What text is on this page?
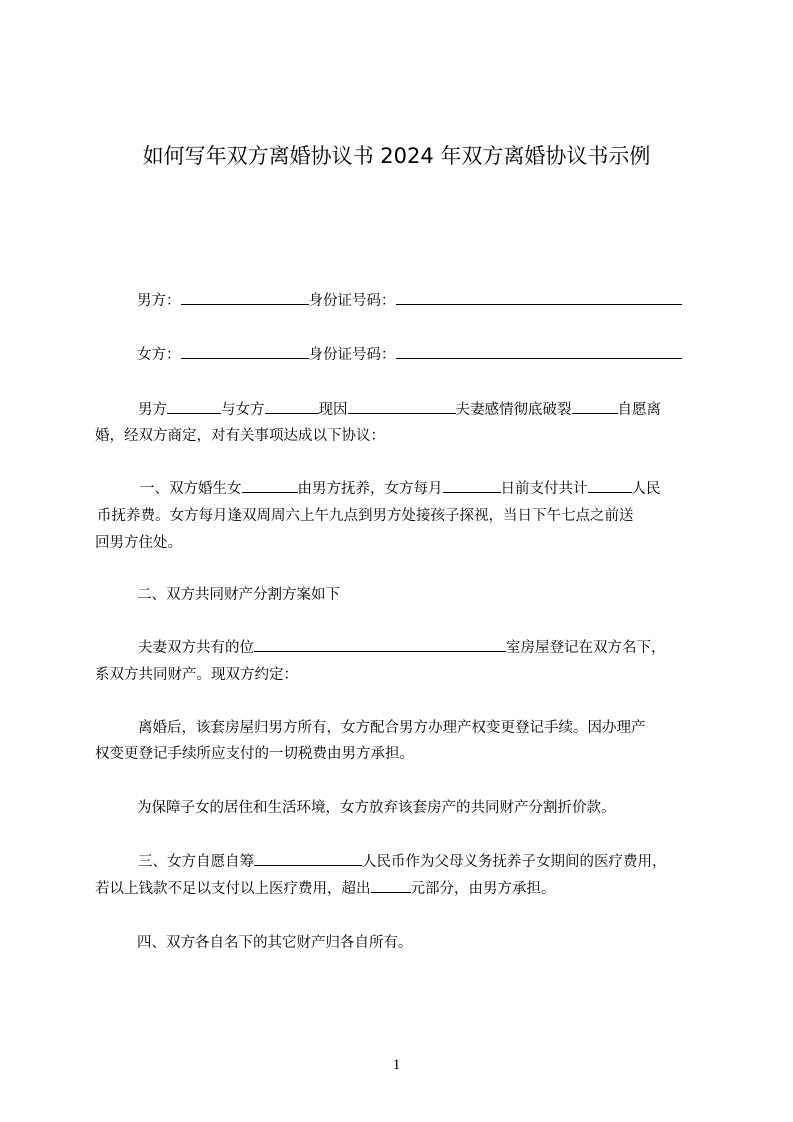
如何写年双方离婚协议书 2024 年双方离婚协议书示例
男方：	身份证号码：
女方：	身份证号码：
男方	与女方	现因	夫妻感情彻底破裂	自愿离
婚，经双方商定，对有关事项达成以下协议：
一、双方婚生女	由男方抚养，女方每月	日前支付共计	人民
币抚养费。女方每月逢双周周六上午九点到男方处接孩子探视，当日下午七点之前送
回男方住处。
二、双方共同财产分割方案如下
夫妻双方共有的位	室房屋登记在双方名下，
系双方共同财产。现双方约定：
离婚后，该套房屋归男方所有，女方配合男方办理产权变更登记手续。因办理产
权变更登记手续所应支付的一切税费由男方承担。
为保障子女的居住和生活环境，女方放弃该套房产的共同财产分割折价款。
三、女方自愿自筹	人民币作为父母义务抚养子女期间的医疗费用，
若以上钱款不足以支付以上医疗费用，超出	元部分，由男方承担。
四、双方各自名下的其它财产归各自所有。
1
